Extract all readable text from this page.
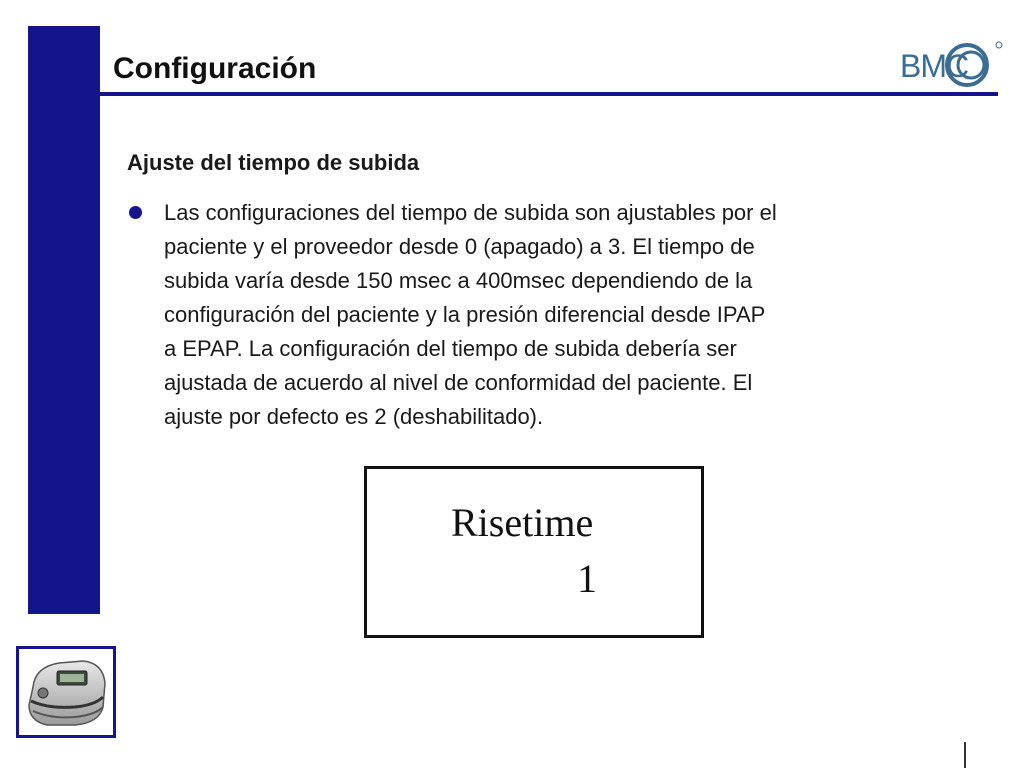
Configuración	BMC
Ajuste del tiempo de subida

Las configuraciones del tiempo de subida son ajustables por el
paciente y el proveedor desde 0 (apagado) a 3. El tiempo de
subida varía desde 150 msec a 400msec dependiendo de la
configuración del paciente y la presión diferencial desde IPAP
a EPAP. La configuración del tiempo de subida debería ser
ajustada de acuerdo al nivel de conformidad del paciente. El
ajuste por defecto es 2 (deshabilitado).

Risetime
1
